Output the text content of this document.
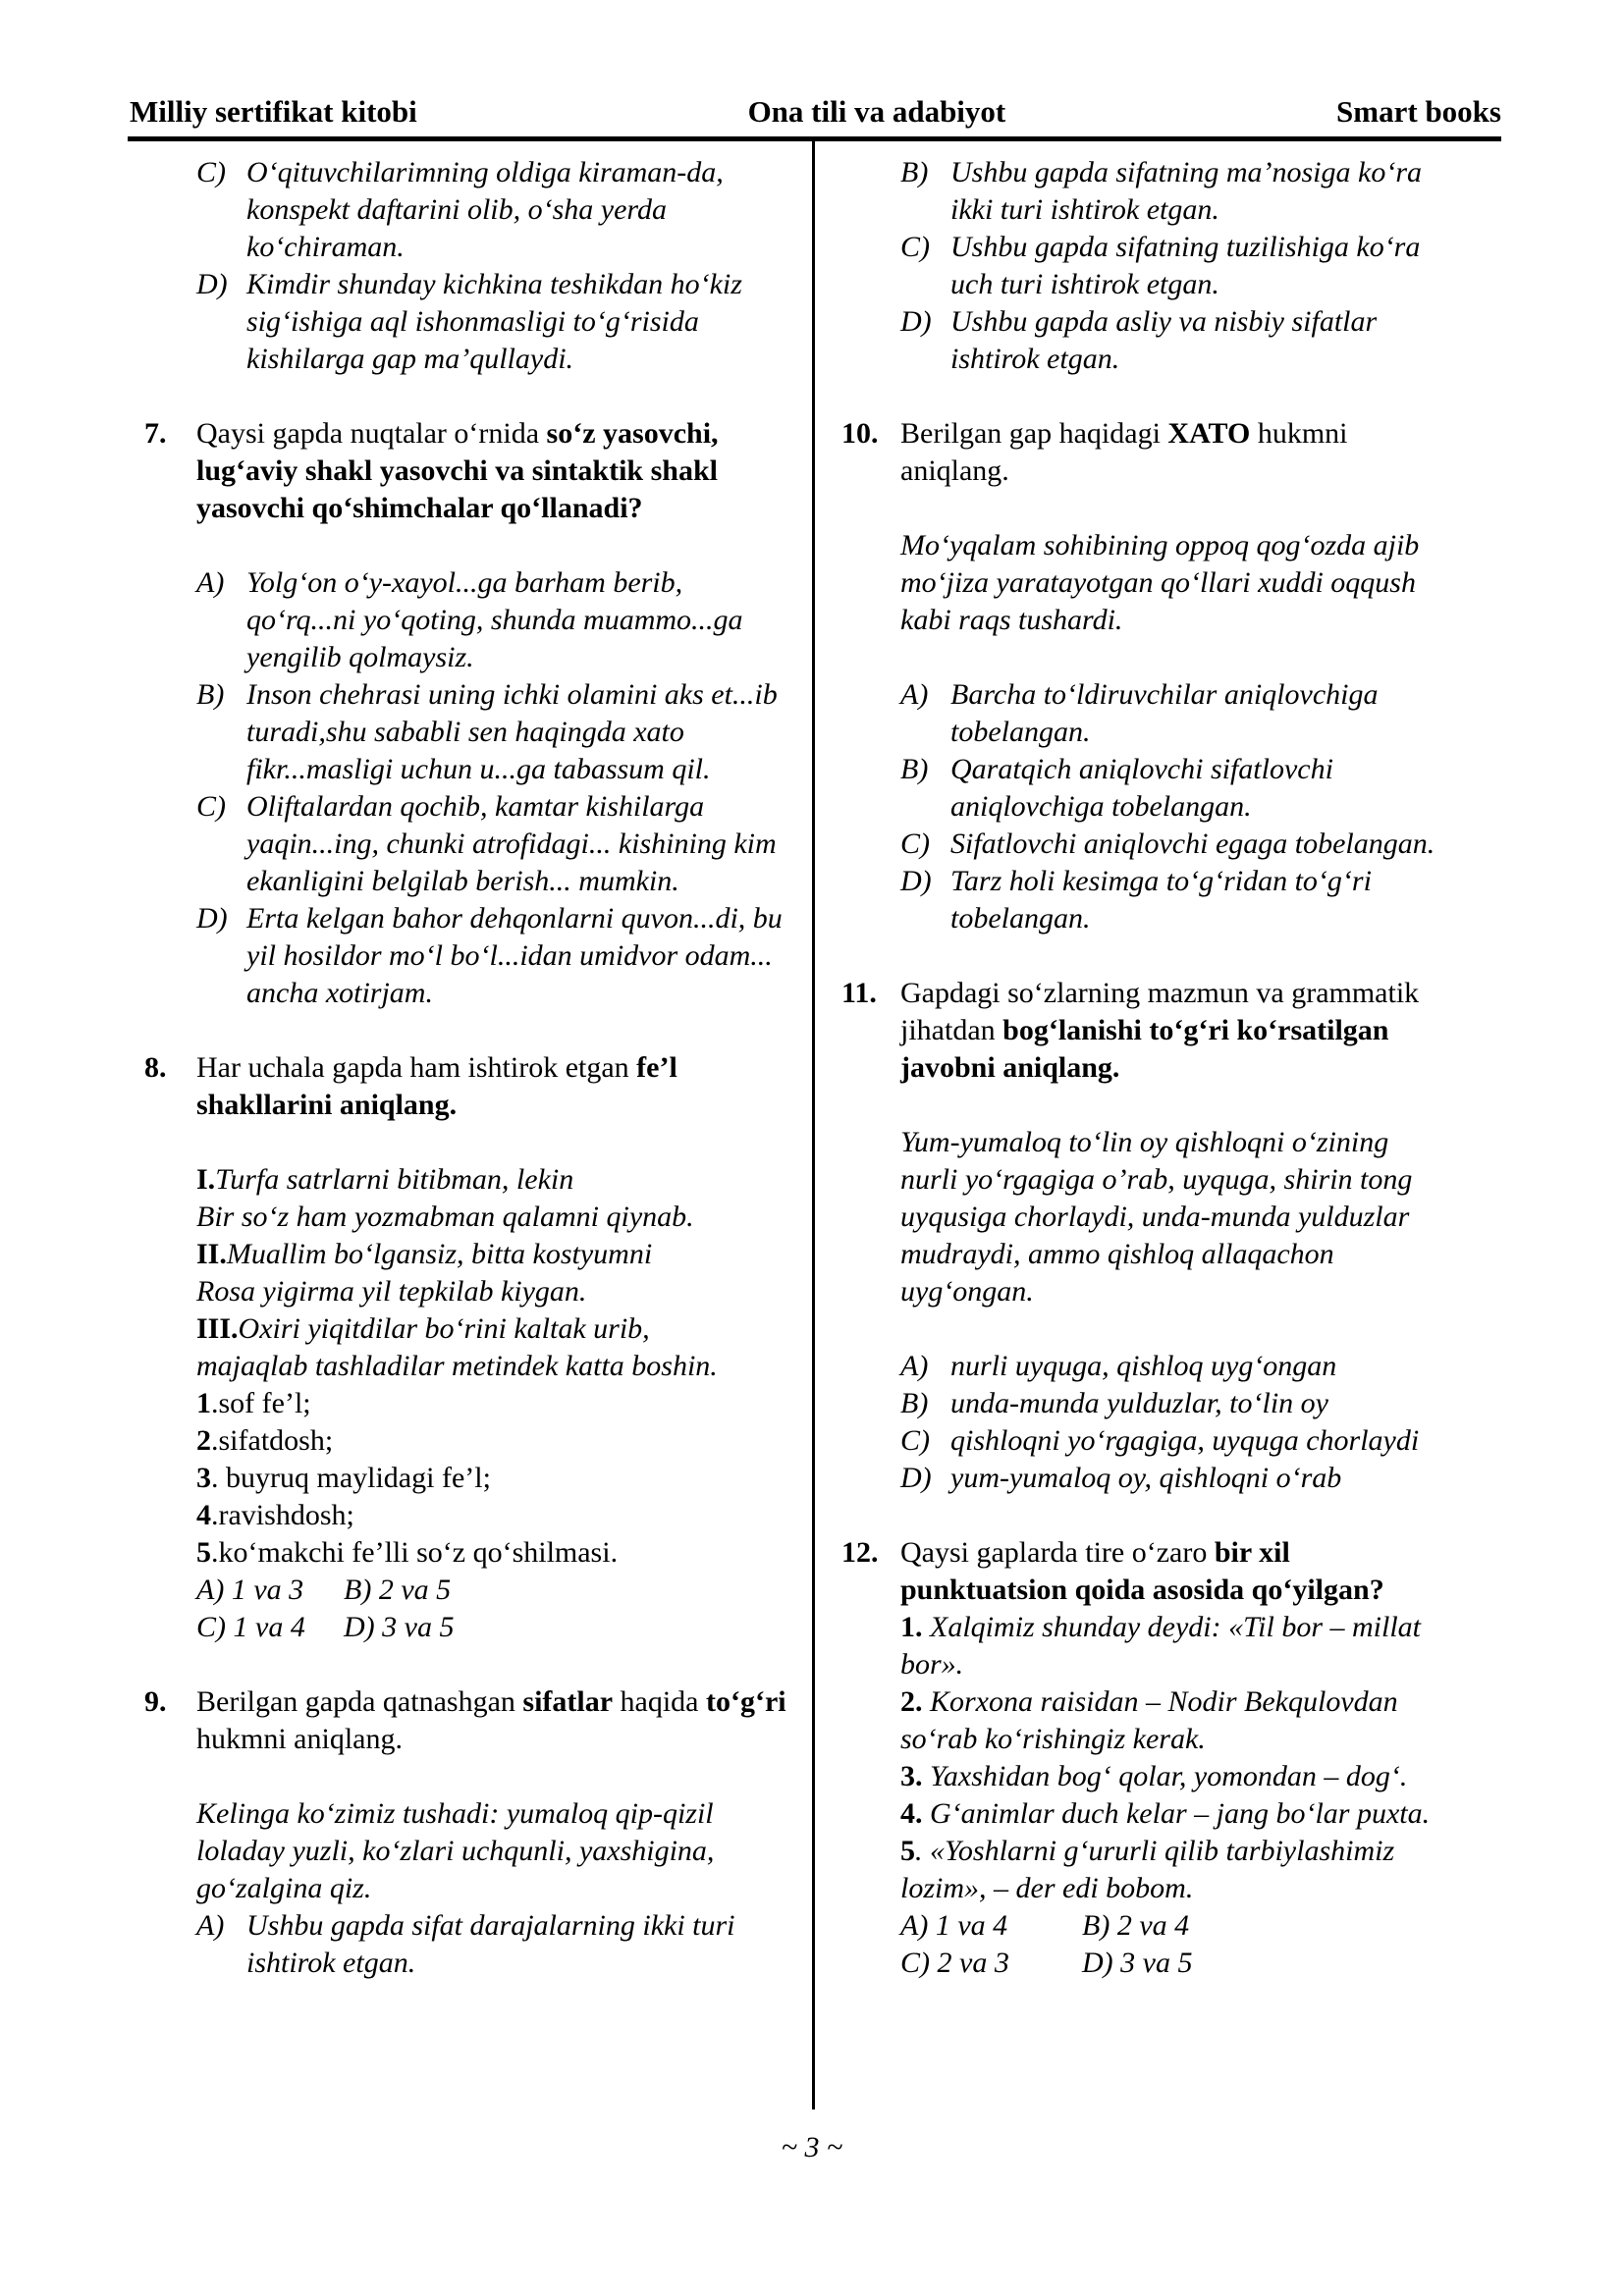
Milliy sertifikat kitobi	Ona tili va adabiyot	Smart books
C) O‘qituvchilarimning oldiga kiraman-da, konspekt daftarini olib, o‘sha yerda ko‘chiraman.
D) Kimdir shunday kichkina teshikdan ho‘kiz sig‘ishiga aql ishonmasligi to‘g‘risida kishilarga gap ma’qullaydi.
7.	Qaysi gapda nuqtalar o‘rnida so‘z yasovchi, lug‘aviy shakl yasovchi va sintaktik shakl yasovchi qo‘shimchalar qo‘llanadi?
A) Yolg‘on o‘y-xayol...ga barham berib, qo‘rq...ni yo‘qoting, shunda muammo...ga yengilib qolmaysiz.
B) Inson chehrasi uning ichki olamini aks et...ib turadi,shu sababli sen haqingda xato fikr...masligi uchun u...ga tabassum qil.
C) Oliftalardan qochib, kamtar kishilarga yaqin...ing, chunki atrofidagi... kishining kim ekanligini belgilab berish... mumkin.
D) Erta kelgan bahor dehqonlarni quvon...di, bu yil hosildor mo‘l bo‘l...idan umidvor odam... ancha xotirjam.
8.	Har uchala gapda ham ishtirok etgan fe’l shakllarini aniqlang.

I.Turfa satrlarni bitibman, lekin

Bir so‘z ham yozmabman qalamni qiynab.

II.Muallim bo‘lgansiz, bitta kostyumni

Rosa yigirma yil tepkilab kiygan.

III.Oxiri yiqitdilar bo‘rini kaltak urib,

majaqlab tashladilar metindek katta boshin.

1.sof fe’l;

2.sifatdosh;

3. buyruq maylidagi fe’l;

4.ravishdosh;

5.ko‘makchi fe’lli so‘z qo‘shilmasi.

A) 1 va 3	B) 2 va 5

C) 1 va 4	D) 3 va 5

9.	Berilgan gapda qatnashgan sifatlar haqida to‘g‘ri hukmni aniqlang.

Kelinga ko‘zimiz tushadi: yumaloq qip-qizil loladay yuzli, ko‘zlari uchqunli, yaxshigina, go‘zalgina qiz.

A) Ushbu gapda sifat darajalarning ikki turi ishtirok etgan.
B) Ushbu gapda sifatning ma’nosiga ko‘ra ikki turi ishtirok etgan.
C) Ushbu gapda sifatning tuzilishiga ko‘ra uch turi ishtirok etgan.
D) Ushbu gapda asliy va nisbiy sifatlar ishtirok etgan.
10. Berilgan gap haqidagi XATO hukmni aniqlang.

Mo‘yqalam sohibining oppoq qog‘ozda ajib mo‘jiza yaratayotgan qo‘llari xuddi oqqush kabi raqs tushardi.

A) Barcha to‘ldiruvchilar aniqlovchiga tobelangan.
B) Qaratqich aniqlovchi sifatlovchi aniqlovchiga tobelangan.
C) Sifatlovchi aniqlovchi egaga tobelangan.
D) Tarz holi kesimga to‘g‘ridan to‘g‘ri tobelangan.
11. Gapdagi so‘zlarning mazmun va grammatik jihatdan bog‘lanishi to‘g‘ri ko‘rsatilgan javobni aniqlang.

Yum-yumaloq to‘lin oy qishloqni o‘zining nurli yo‘rgagiga o’rab, uyquga, shirin tong uyqusiga chorlaydi, unda-munda yulduzlar mudraydi, ammo qishloq allaqachon uyg‘ongan.

A) nurli uyquga, qishloq uyg‘ongan
B) unda-munda yulduzlar, to‘lin oy
C) qishloqni yo‘rgagiga, uyquga chorlaydi
D) yum-yumaloq oy, qishloqni o‘rab
12. Qaysi gaplarda tire o‘zaro bir xil punktuatsion qoida asosida qo‘yilgan?

1. Xalqimiz shunday deydi: «Til bor – millat bor».

2. Korxona raisidan – Nodir Bekqulovdan so‘rab ko‘rishingiz kerak.

3. Yaxshidan bog‘ qolar, yomondan – dog‘.

4. G‘animlar duch kelar – jang bo‘lar puxta.

5. «Yoshlarni g‘ururli qilib tarbiylashimiz lozim», – der edi bobom.

A) 1 va 4	B) 2 va 4

C) 2 va 3	D) 3 va 5

~ 3 ~
